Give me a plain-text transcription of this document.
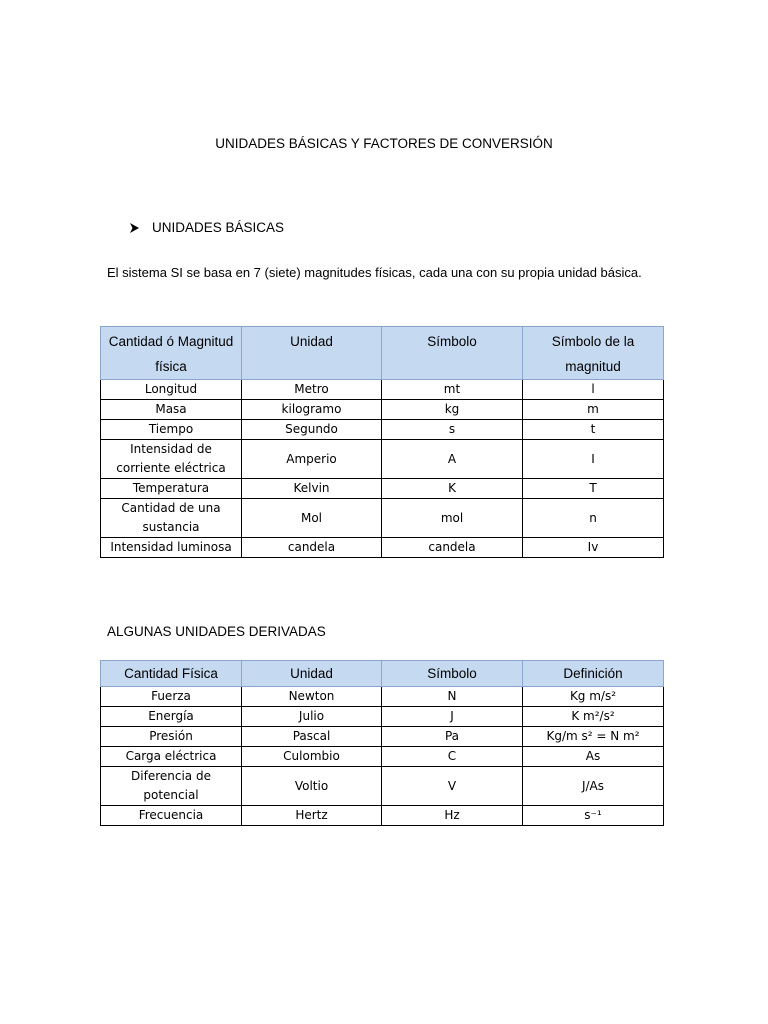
UNIDADES BÁSICAS Y FACTORES DE CONVERSIÓN
UNIDADES BÁSICAS
El sistema SI se basa en 7 (siete) magnitudes físicas, cada una con su propia unidad básica.
Cantidad ó Magnitud física	Unidad	Símbolo	Símbolo de la magnitud
Longitud	Metro	mt	l
Masa	kilogramo	kg	m
Tiempo	Segundo	s	t
Intensidad de corriente eléctrica	Amperio	A	I
Temperatura	Kelvin	K	T
Cantidad de una sustancia	Mol	mol	n
Intensidad luminosa	candela	candela	Iv
ALGUNAS UNIDADES DERIVADAS
Cantidad Física	Unidad	Símbolo	Definición
Fuerza	Newton	N	Kg m/s²
Energía	Julio	J	K m²/s²
Presión	Pascal	Pa	Kg/m s² = N m²
Carga eléctrica	Culombio	C	As
Diferencia de potencial	Voltio	V	J/As
Frecuencia	Hertz	Hz	s⁻¹
